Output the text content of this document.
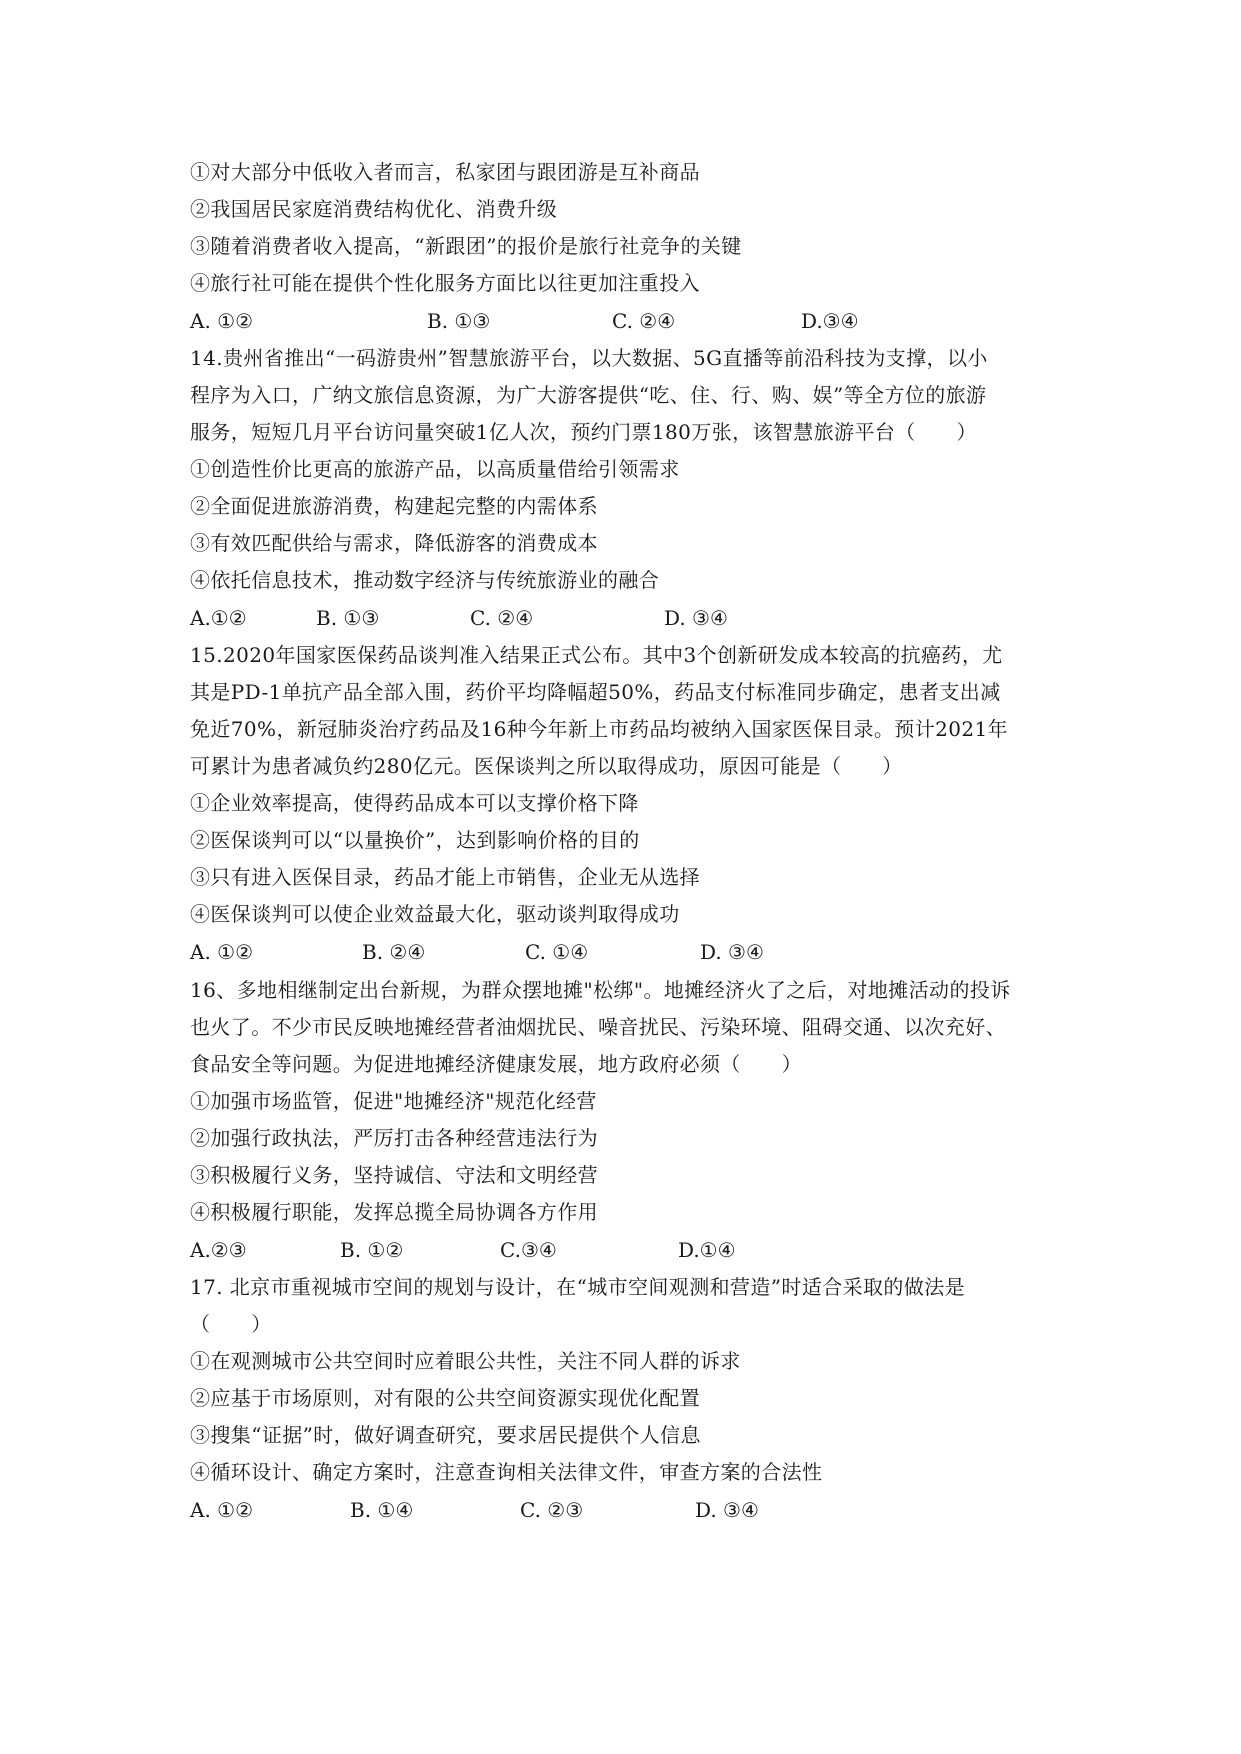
①对大部分中低收入者而言，私家团与跟团游是互补商品
②我国居民家庭消费结构优化、消费升级
③随着消费者收入提高，“新跟团”的报价是旅行社竞争的关键
④旅行社可能在提供个性化服务方面比以往更加注重投入
A. ①②	B. ①③	C. ②④	D.③④
14.贵州省推出“一码游贵州”智慧旅游平台，以大数据、5G直播等前沿科技为支撑，以小
程序为入口，广纳文旅信息资源，为广大游客提供“吃、住、行、购、娱”等全方位的旅游
服务，短短几月平台访问量突破1亿人次，预约门票180万张，该智慧旅游平台（　　）
①创造性价比更高的旅游产品，以高质量借给引领需求
②全面促进旅游消费，构建起完整的内需体系
③有效匹配供给与需求，降低游客的消费成本
④依托信息技术，推动数字经济与传统旅游业的融合
A.①②	B. ①③	C. ②④	D. ③④
15.2020年国家医保药品谈判准入结果正式公布。其中3个创新研发成本较高的抗癌药，尤
其是PD-1单抗产品全部入围，药价平均降幅超50%，药品支付标准同步确定，患者支出减
免近70%，新冠肺炎治疗药品及16种今年新上市药品均被纳入国家医保目录。预计2021年
可累计为患者减负约280亿元。医保谈判之所以取得成功，原因可能是（　　）
①企业效率提高，使得药品成本可以支撑价格下降
②医保谈判可以“以量换价”，达到影响价格的目的
③只有进入医保目录，药品才能上市销售，企业无从选择
④医保谈判可以使企业效益最大化，驱动谈判取得成功
A. ①②	B. ②④	C. ①④	D. ③④
16、多地相继制定出台新规，为群众摆地摊"松绑"。地摊经济火了之后，对地摊活动的投诉
也火了。不少市民反映地摊经营者油烟扰民、噪音扰民、污染环境、阻碍交通、以次充好、
食品安全等问题。为促进地摊经济健康发展，地方政府必须（　　）
①加强市场监管，促进"地摊经济"规范化经营
②加强行政执法，严厉打击各种经营违法行为
③积极履行义务，坚持诚信、守法和文明经营
④积极履行职能，发挥总揽全局协调各方作用
A.②③	B. ①②	C.③④	D.①④
17. 北京市重视城市空间的规划与设计，在“城市空间观测和营造”时适合采取的做法是
（　　）
①在观测城市公共空间时应着眼公共性，关注不同人群的诉求
②应基于市场原则，对有限的公共空间资源实现优化配置
③搜集“证据”时，做好调查研究，要求居民提供个人信息
④循环设计、确定方案时，注意查询相关法律文件，审查方案的合法性
A. ①②	B. ①④	C. ②③	D. ③④
